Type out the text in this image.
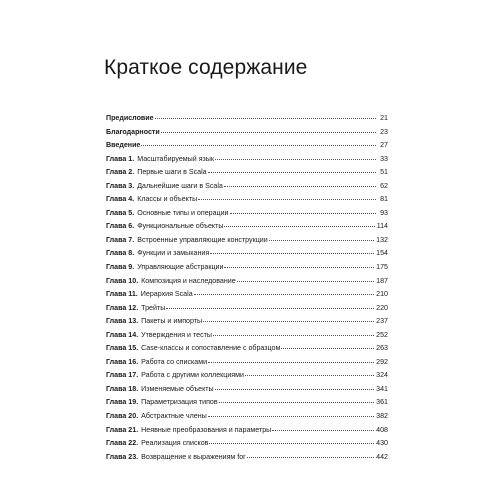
Краткое содержание
Предисловие	21
Благодарности	23
Введение	27
Глава 1. Масштабируемый язык	33
Глава 2. Первые шаги в Scala	51
Глава 3. Дальнейшие шаги в Scala	62
Глава 4. Классы и объекты	81
Глава 5. Основные типы и операции	93
Глава 6. Функциональные объекты	114
Глава 7. Встроенные управляющие конструкции	132
Глава 8. Функции и замыкания	154
Глава 9. Управляющие абстракции	175
Глава 10. Композиция и наследование	187
Глава 11. Иерархия Scala	210
Глава 12. Трейты	220
Глава 13. Пакеты и импорты	237
Глава 14. Утверждения и тесты	252
Глава 15. Case-классы и сопоставление с образцом	263
Глава 16. Работа со списками	292
Глава 17. Работа с другими коллекциями	324
Глава 18. Изменяемые объекты	341
Глава 19. Параметризация типов	361
Глава 20. Абстрактные члены	382
Глава 21. Неявные преобразования и параметры	408
Глава 22. Реализация списков	430
Глава 23. Возвращение к выражениям for	442
